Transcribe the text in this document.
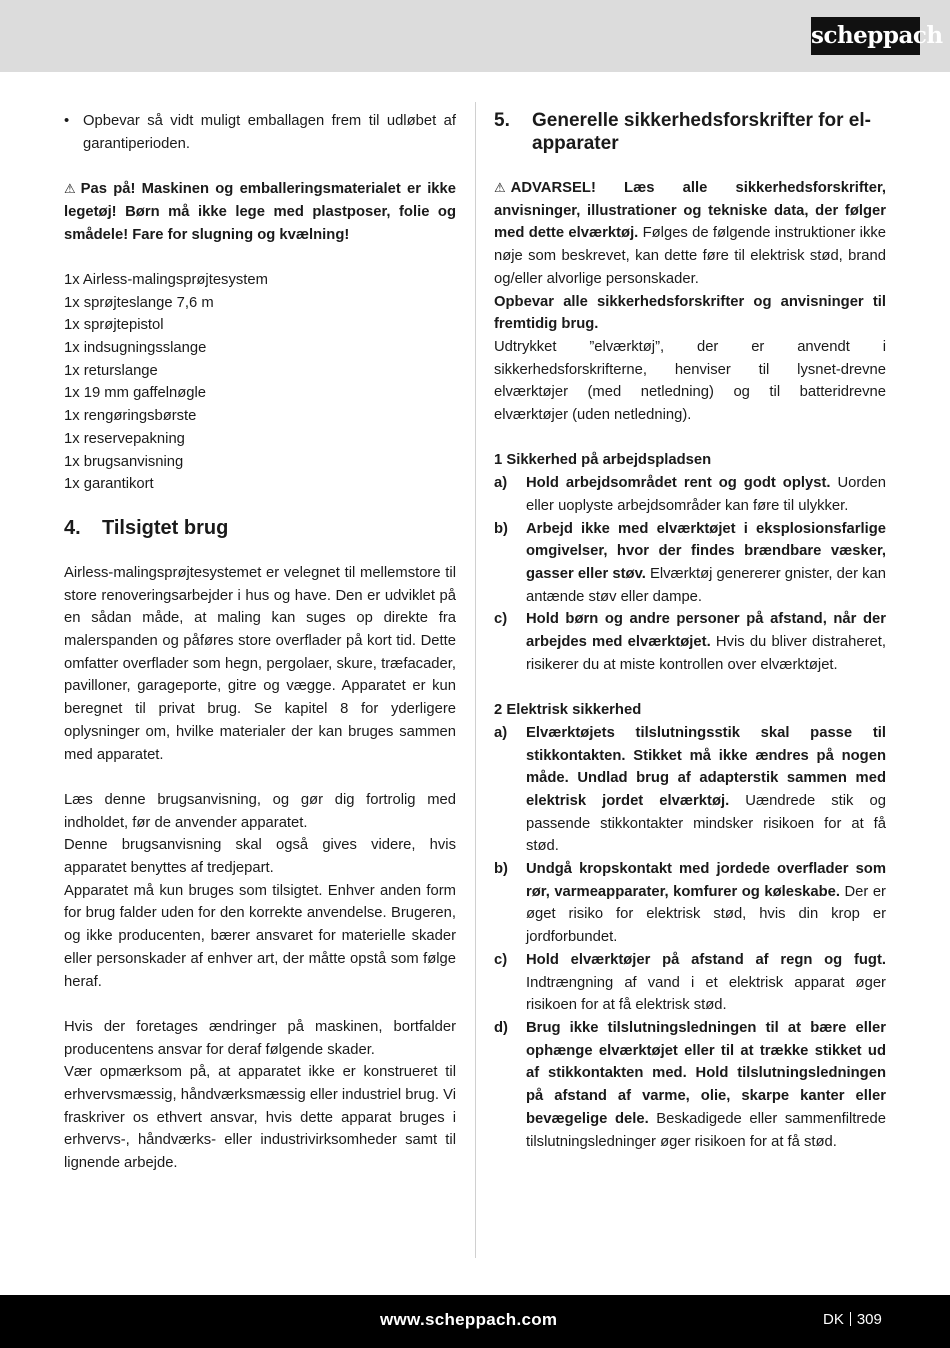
scheppach
• Opbevar så vidt muligt emballagen frem til udløbet af garantiperioden.

⚠ Pas på! Maskinen og emballeringsmaterialet er ikke legetøj! Børn må ikke lege med plastposer, folie og smådele! Fare for slugning og kvælning!

1x Airless-malingsprøjtesystem

1x sprøjteslange 7,6 m

1x sprøjtepistol

1x indsugningsslange

1x returslange

1x 19 mm gaffelnøgle

1x rengøringsbørste

1x reservepakning

1x brugsanvisning

1x garantikort

4.	Tilsigtet brug

Airless-malingsprøjtesystemet er velegnet til mellemstore til store renoveringsarbejder i hus og have. Den er udviklet på en sådan måde, at maling kan suges op direkte fra malerspanden og påføres store overflader på kort tid. Dette omfatter overflader som hegn, pergolaer, skure, træfacader, pavilloner, garageporte, gitre og vægge. Apparatet er kun beregnet til privat brug. Se kapitel 8 for yderligere oplysninger om, hvilke materialer der kan bruges sammen med apparatet.

Læs denne brugsanvisning, og gør dig fortrolig med indholdet, før de anvender apparatet.

Denne brugsanvisning skal også gives videre, hvis apparatet benyttes af tredjepart.

Apparatet må kun bruges som tilsigtet. Enhver anden form for brug falder uden for den korrekte anvendelse. Brugeren, og ikke producenten, bærer ansvaret for materielle skader eller personskader af enhver art, der måtte opstå som følge heraf.

Hvis der foretages ændringer på maskinen, bortfalder producentens ansvar for deraf følgende skader.

Vær opmærksom på, at apparatet ikke er konstrueret til erhvervsmæssig, håndværksmæssig eller industriel brug. Vi fraskriver os ethvert ansvar, hvis dette apparat bruges i erhvervs-, håndværks- eller industrivirksomheder samt til lignende arbejde.

5.	Generelle sikkerhedsforskrifter for el-apparater

⚠ ADVARSEL! Læs alle sikkerhedsforskrifter, anvisninger, illustrationer og tekniske data, der følger med dette elværktøj. Følges de følgende instruktioner ikke nøje som beskrevet, kan dette føre til elektrisk stød, brand og/eller alvorlige personskader.

Opbevar alle sikkerhedsforskrifter og anvisninger til fremtidig brug.

Udtrykket ”elværktøj”, der er anvendt i sikkerhedsforskrifterne, henviser til lysnet-drevne elværktøjer (med netledning) og til batteridrevne elværktøjer (uden netledning).

1 Sikkerhed på arbejdspladsen

a)	Hold arbejdsområdet rent og godt oplyst. Uorden eller uoplyste arbejdsområder kan føre til ulykker.
b)	Arbejd ikke med elværktøjet i eksplosionsfarlige omgivelser, hvor der findes brændbare væsker, gasser eller støv. Elværktøj genererer gnister, der kan antænde støv eller dampe.
c)	Hold børn og andre personer på afstand, når der arbejdes med elværktøjet. Hvis du bliver distraheret, risikerer du at miste kontrollen over elværktøjet.

2 Elektrisk sikkerhed

a)	Elværktøjets tilslutningsstik skal passe til stikkontakten. Stikket må ikke ændres på nogen måde. Undlad brug af adapterstik sammen med elektrisk jordet elværktøj. Uændrede stik og passende stikkontakter mindsker risikoen for at få stød.
b)	Undgå kropskontakt med jordede overflader som rør, varmeapparater, komfurer og køleskabe. Der er øget risiko for elektrisk stød, hvis din krop er jordforbundet.
c)	Hold elværktøjer på afstand af regn og fugt. Indtrængning af vand i et elektrisk apparat øger risikoen for at få elektrisk stød.
d)	Brug ikke tilslutningsledningen til at bære eller ophænge elværktøjet eller til at trække stikket ud af stikkontakten med. Hold tilslutningsledningen på afstand af varme, olie, skarpe kanter eller bevægelige dele. Beskadigede eller sammenfiltrede tilslutningsledninger øger risikoen for at få stød.
www.scheppach.com	DK 309
